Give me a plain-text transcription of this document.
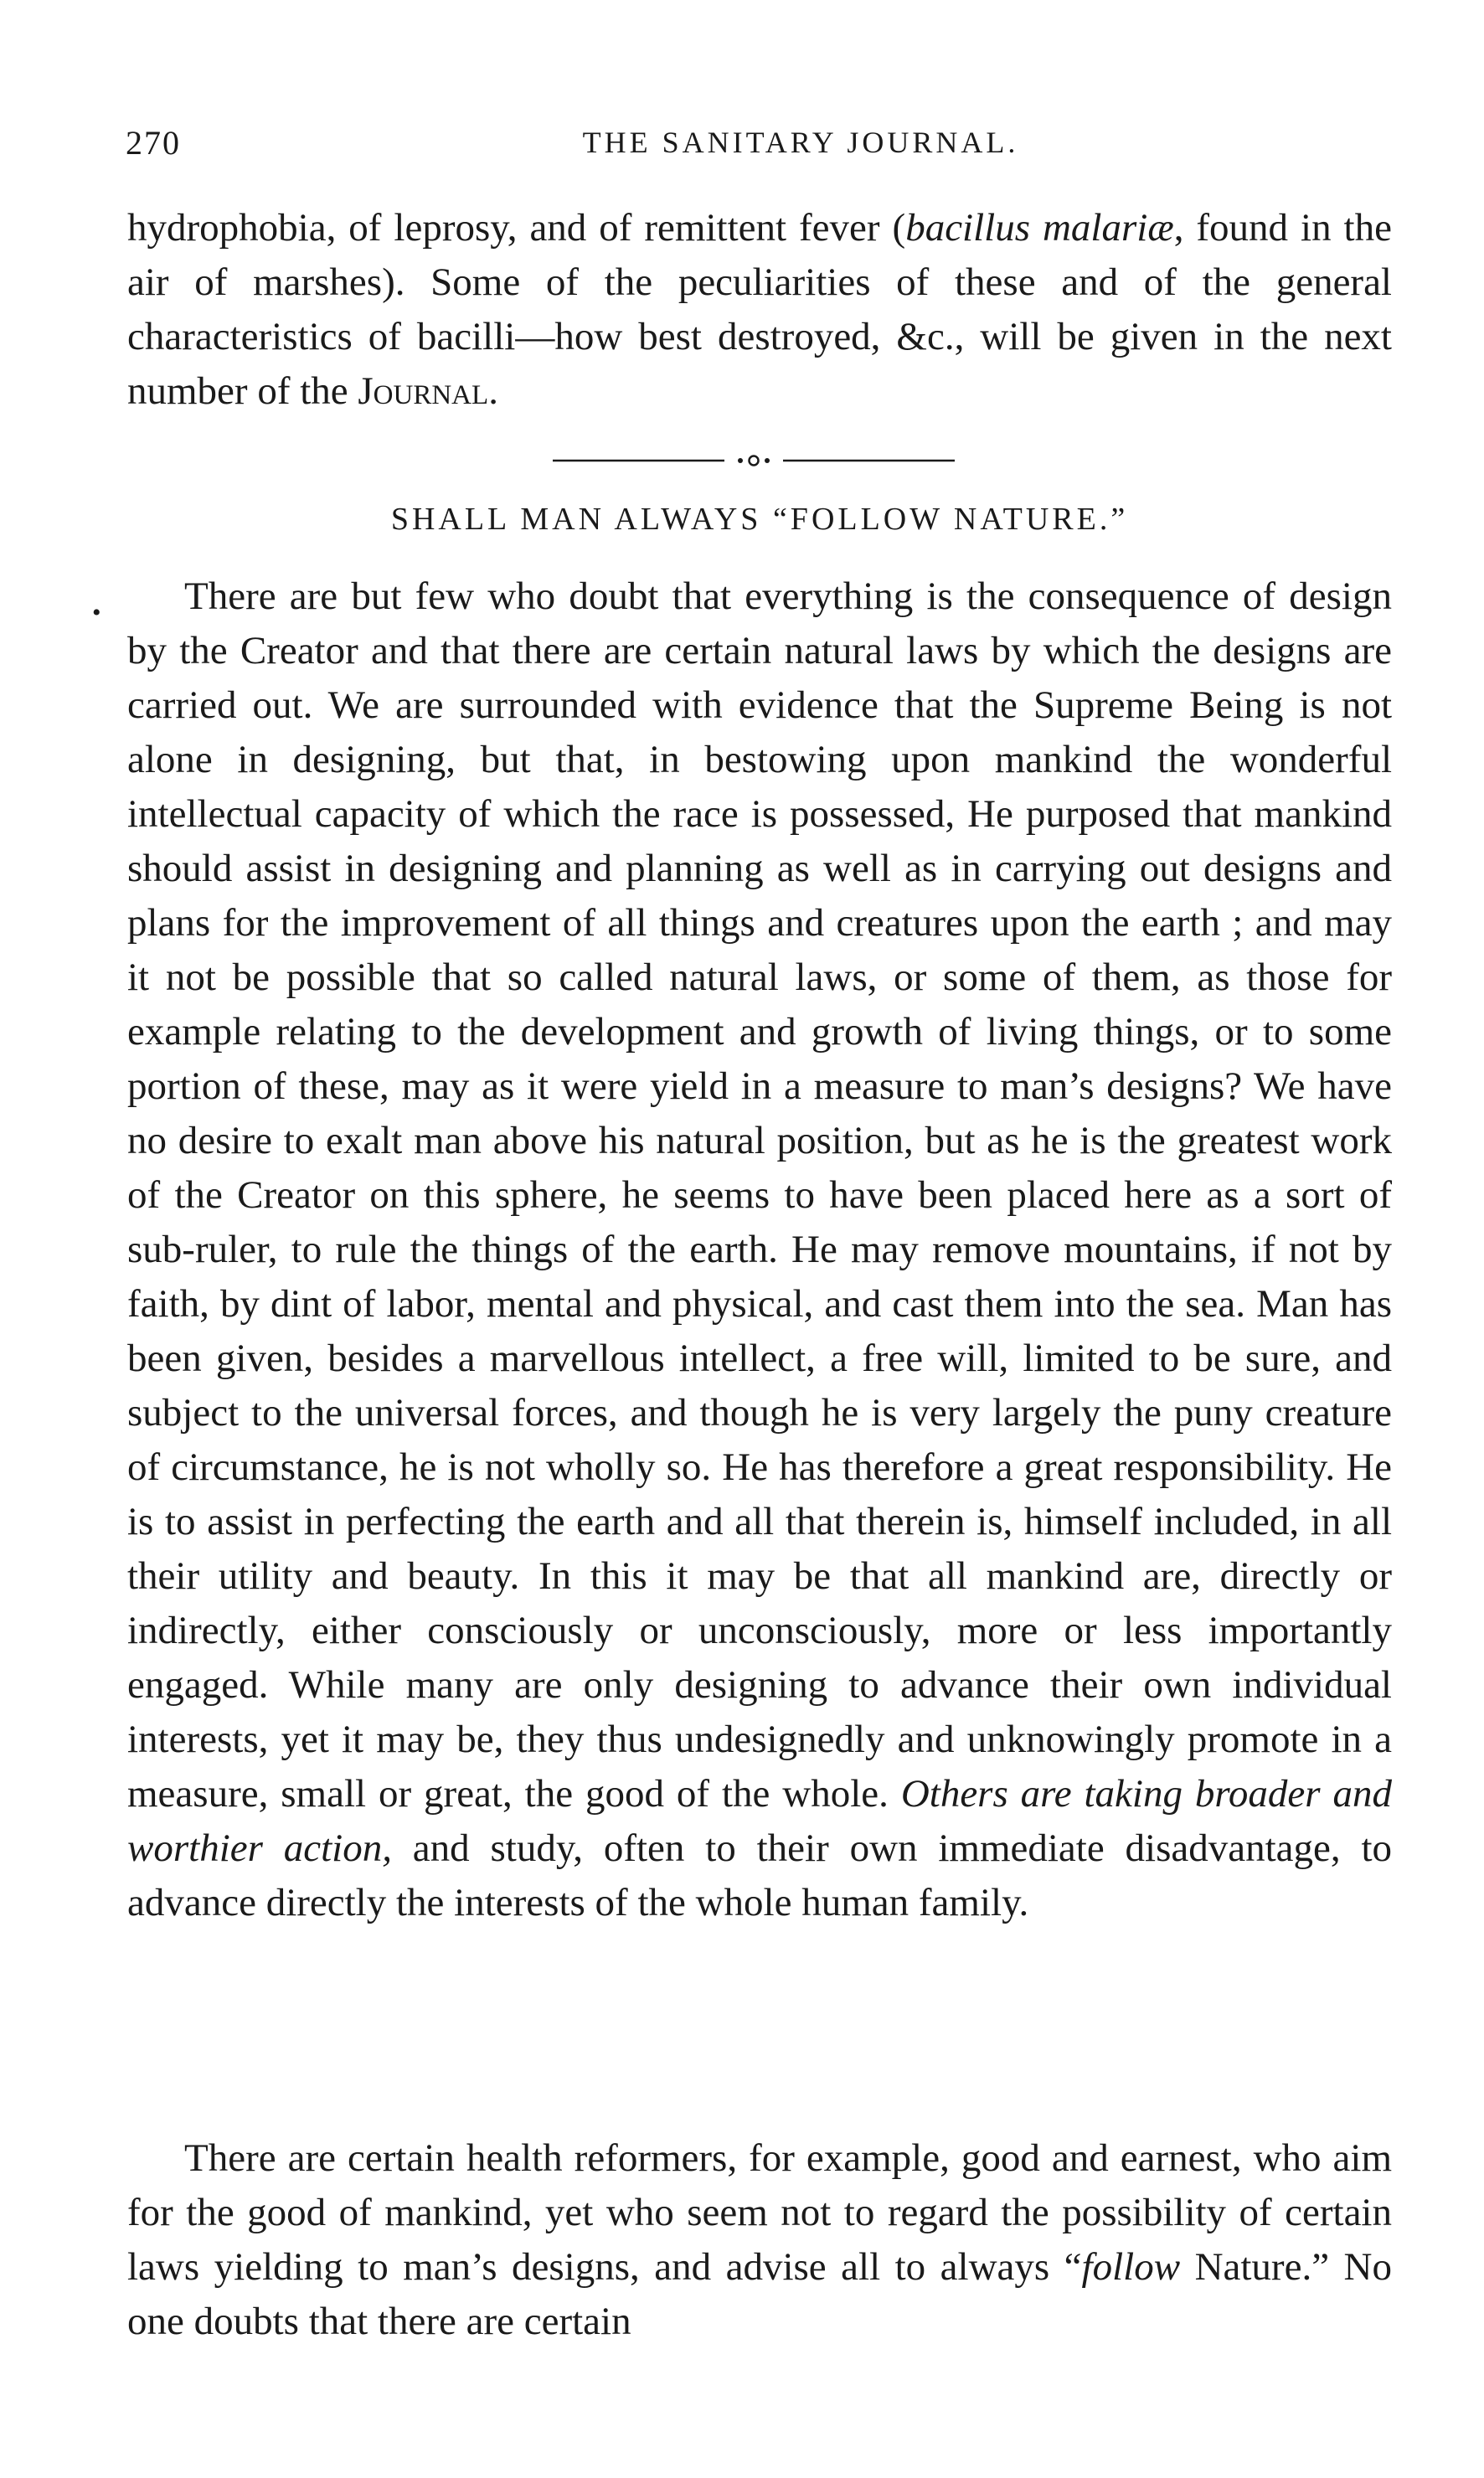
270	THE SANITARY JOURNAL.

hydrophobia, of leprosy, and of remittent fever (bacillus malariæ, found in the air of marshes). Some of the peculiarities of these and of the general characteristics of bacilli—how best destroyed, &c., will be given in the next number of the Journal.

SHALL MAN ALWAYS “FOLLOW NATURE.”
•	There are but few who doubt that everything is the consequence of design by the Creator and that there are certain natural laws by which the designs are carried out. We are surrounded with evidence that the Supreme Being is not alone in designing, but that, in bestowing upon mankind the wonderful intellectual capacity of which the race is possessed, He purposed that mankind should assist in designing and planning as well as in carrying out designs and plans for the improvement of all things and creatures upon the earth ; and may it not be possible that so called natural laws, or some of them, as those for example relating to the development and growth of living things, or to some portion of these, may as it were yield in a measure to man’s designs? We have no desire to exalt man above his natural position, but as he is the greatest work of the Creator on this sphere, he seems to have been placed here as a sort of sub-ruler, to rule the things of the earth. He may remove mountains, if not by faith, by dint of labor, mental and physical, and cast them into the sea. Man has been given, besides a marvellous intellect, a free will, limited to be sure, and subject to the universal forces, and though he is very largely the puny creature of circumstance, he is not wholly so. He has therefore a great responsibility. He is to assist in perfecting the earth and all that therein is, himself included, in all their utility and beauty. In this it may be that all mankind are, directly or indirectly, either consciously or unconsciously, more or less importantly engaged. While many are only designing to advance their own individual interests, yet it may be, they thus undesignedly and unknowingly promote in a measure, small or great, the good of the whole. Others are taking broader and worthier action, and study, often to their own immediate disadvantage, to advance directly the interests of the whole human family.

There are certain health reformers, for example, good and earnest, who aim for the good of mankind, yet who seem not to regard the possibility of certain laws yielding to man’s designs, and advise all to always “follow Nature.” No one doubts that there are certain
